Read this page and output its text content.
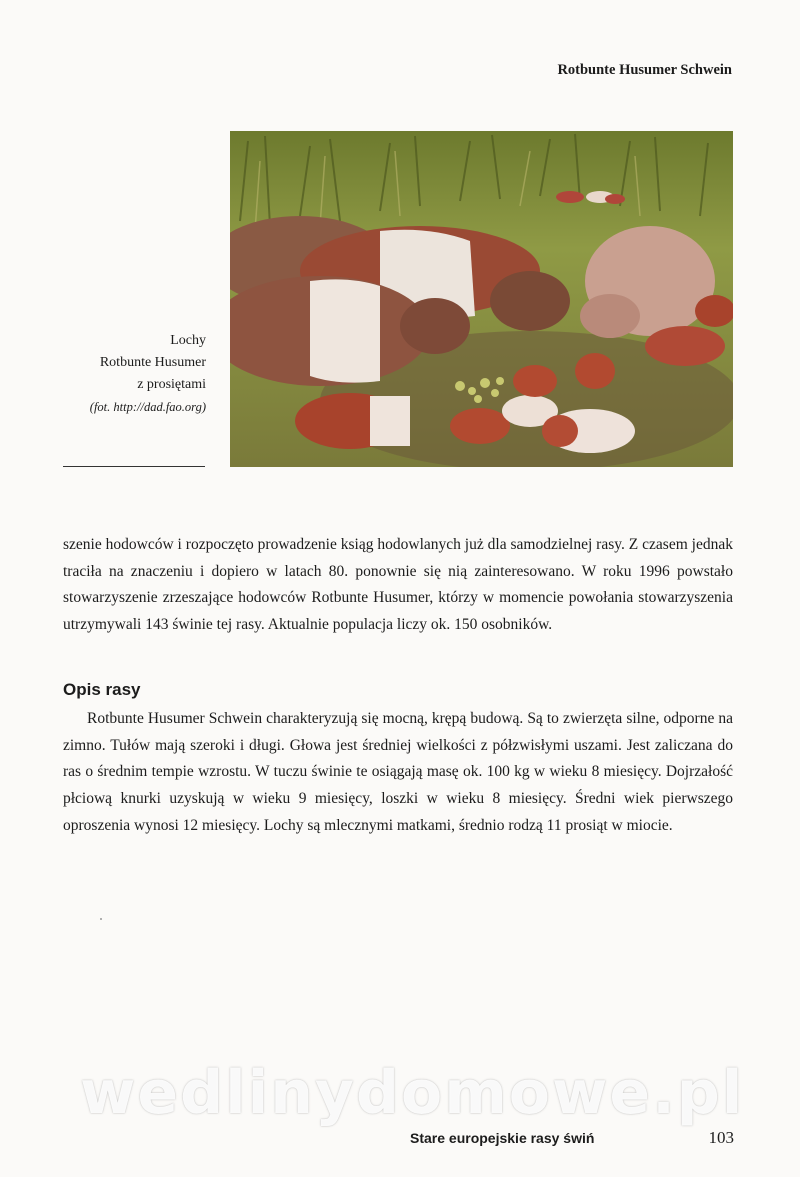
Rotbunte Husumer Schwein
Lochy
Rotbunte Husumer
z prosiętami
(fot. http://dad.fao.org)
szenie hodowców i rozpoczęto prowadzenie ksiąg hodowlanych już dla samodzielnej rasy. Z czasem jednak traciła na znaczeniu i dopiero w latach 80. ponownie się nią zainteresowano. W roku 1996 powstało stowarzyszenie zrzeszające hodowców Rotbunte Husumer, którzy w momencie powołania stowarzyszenia utrzymywali 143 świnie tej rasy. Aktualnie populacja liczy ok. 150 osobników.
Opis rasy
Rotbunte Husumer Schwein charakteryzują się mocną, krępą budową. Są to zwierzęta silne, odporne na zimno. Tułów mają szeroki i długi. Głowa jest średniej wielkości z półzwisłymi uszami. Jest zaliczana do ras o średnim tempie wzrostu. W tuczu świnie te osiągają masę ok. 100 kg w wieku 8 miesięcy. Dojrzałość płciową knurki uzyskują w wieku 9 miesięcy, loszki w wieku 8 miesięcy. Średni wiek pierwszego oproszenia wynosi 12 miesięcy. Lochy są mlecznymi matkami, średnio rodzą 11 prosiąt w miocie.
wedlinydomowe.pl
Stare europejskie rasy świń	103
